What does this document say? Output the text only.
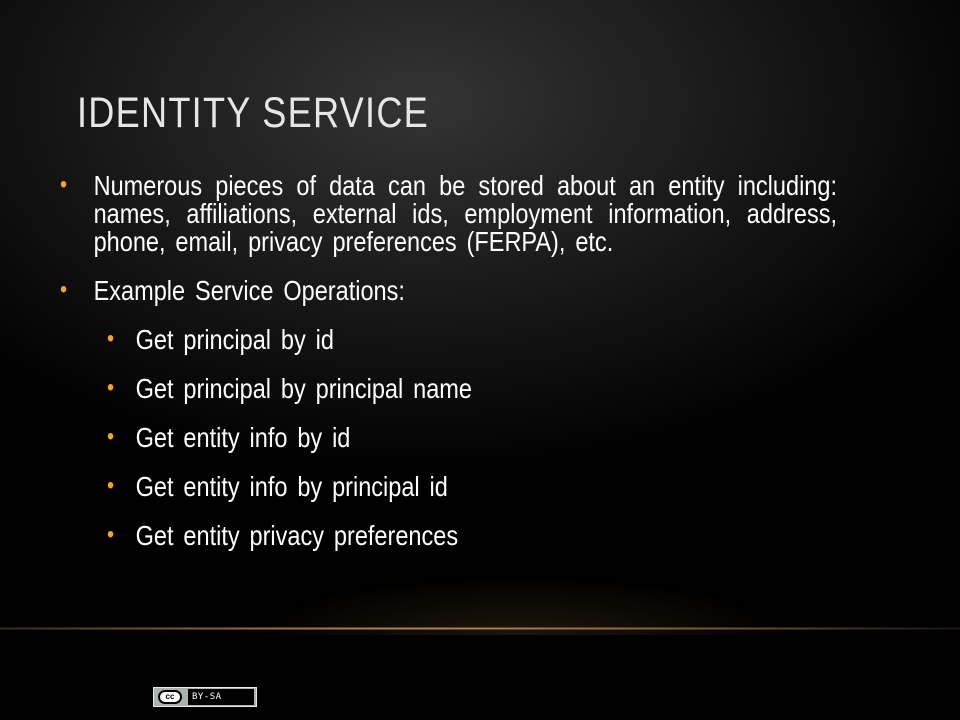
IDENTITY SERVICE
• Numerous pieces of data can be stored about an entity including: names, affiliations, external ids, employment information, address, phone, email, privacy preferences (FERPA), etc.
• Example Service Operations:
• Get principal by id
• Get principal by principal name
• Get entity info by id
• Get entity info by principal id
• Get entity privacy preferences
cc	BY-SA
